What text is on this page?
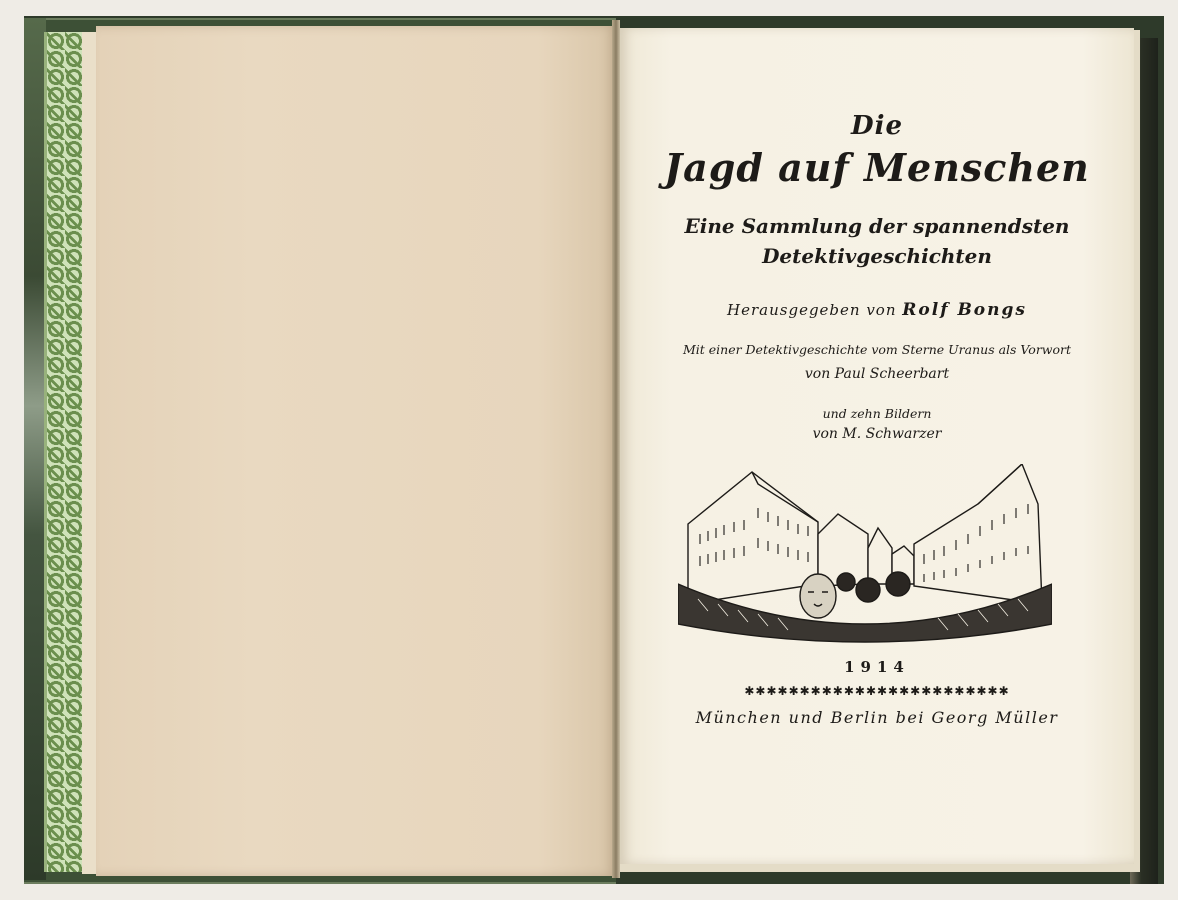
Die
Jagd auf Menschen
Eine Sammlung der spannendsten
Detektivgeschichten
Herausgegeben von Rolf Bongs
Mit einer Detektivgeschichte vom Sterne Uranus als Vorwort
von Paul Scheerbart
und zehn Bildern
von M. Schwarzer
1914
✱✱✱✱✱✱✱✱✱✱✱✱✱✱✱✱✱✱✱✱✱✱✱✱
München und Berlin bei Georg Müller
